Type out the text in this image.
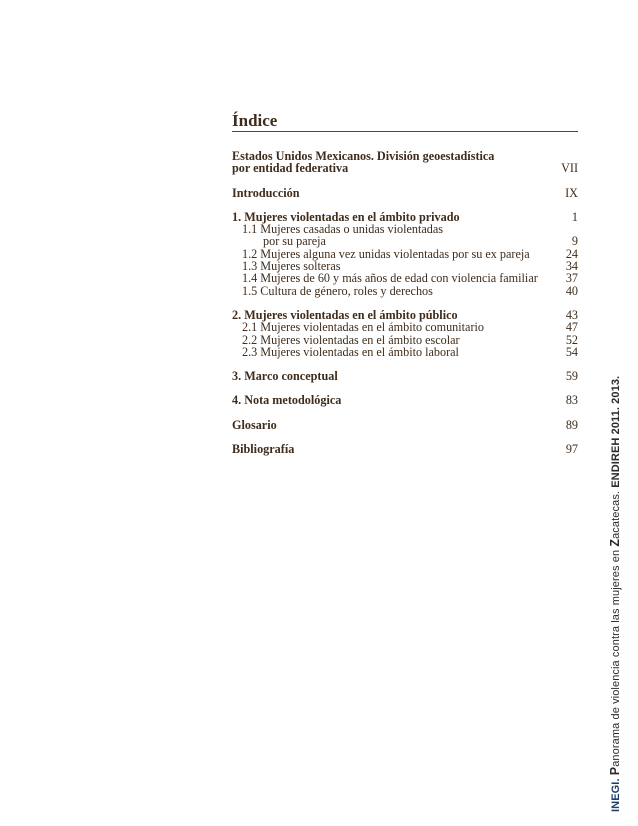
Índice
Estados Unidos Mexicanos. División geoestadística
por entidad federativa	VII
Introducción	IX
1. Mujeres violentadas en el ámbito privado	1
1.1 Mujeres casadas o unidas violentadas
por su pareja	9
1.2 Mujeres alguna vez unidas violentadas por su ex pareja	24
1.3 Mujeres solteras	34
1.4 Mujeres de 60 y más años de edad con violencia familiar	37
1.5 Cultura de género, roles y derechos	40
2. Mujeres violentadas en el ámbito público	43
2.1 Mujeres violentadas en el ámbito comunitario	47
2.2 Mujeres violentadas en el ámbito escolar	52
2.3 Mujeres violentadas en el ámbito laboral	54
3. Marco conceptual	59
4. Nota metodológica	83
Glosario	89
Bibliografía	97
INEGI. Panorama de violencia contra las mujeres en Zacatecas. ENDIREH 2011. 2013.
